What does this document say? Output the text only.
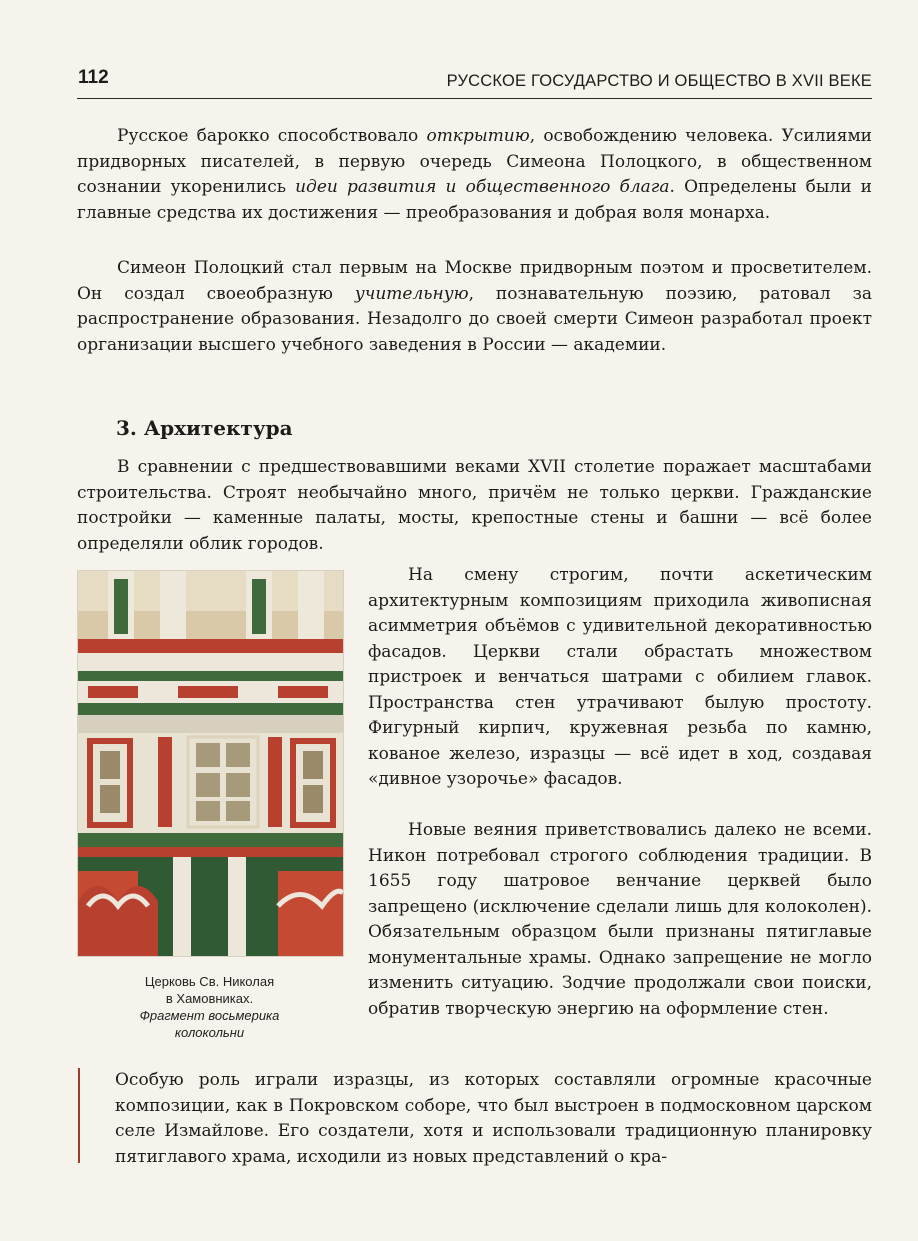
112	РУССКОЕ ГОСУДАРСТВО И ОБЩЕСТВО В XVII ВЕКЕ

Русское барокко способствовало открытию, освобождению человека. Усилиями придворных писателей, в первую очередь Симеона Полоцкого, в общественном сознании укоренились идеи развития и общественного блага. Определены были и главные средства их достижения — преобразования и добрая воля монарха.

Симеон Полоцкий стал первым на Москве придворным поэтом и просветителем. Он создал своеобразную учительную, познавательную поэзию, ратовал за распространение образования. Незадолго до своей смерти Симеон разработал проект организации высшего учебного заведения в России — академии.

3. Архитектура

В сравнении с предшествовавшими веками XVII столетие поражает масштабами строительства. Строят необычайно много, причём не только церкви. Гражданские постройки — каменные палаты, мосты, крепостные стены и башни — всё более определяли облик городов.

Церковь Св. Николая
в Хамовниках.
Фрагмент восьмерика
колокольни

На смену строгим, почти аскетическим архитектурным композициям приходила живописная асимметрия объёмов с удивительной декоративностью фасадов. Церкви стали обрастать множеством пристроек и венчаться шатрами с обилием главок. Пространства стен утрачивают былую простоту. Фигурный кирпич, кружевная резьба по камню, кованое железо, изразцы — всё идет в ход, создавая «дивное узорочье» фасадов.

Новые веяния приветствовались далеко не всеми. Никон потребовал строгого соблюдения традиции. В 1655 году шатровое венчание церквей было запрещено (исключение сделали лишь для колоколен). Обязательным образцом были признаны пятиглавые монументальные храмы. Однако запрещение не могло изменить ситуацию. Зодчие продолжали свои поиски, обратив творческую энергию на оформление стен.

Особую роль играли изразцы, из которых составляли огромные красочные композиции, как в Покровском соборе, что был выстроен в подмосковном царском селе Измайлове. Его создатели, хотя и использовали традиционную планировку пятиглавого храма, исходили из новых представлений о кра-
